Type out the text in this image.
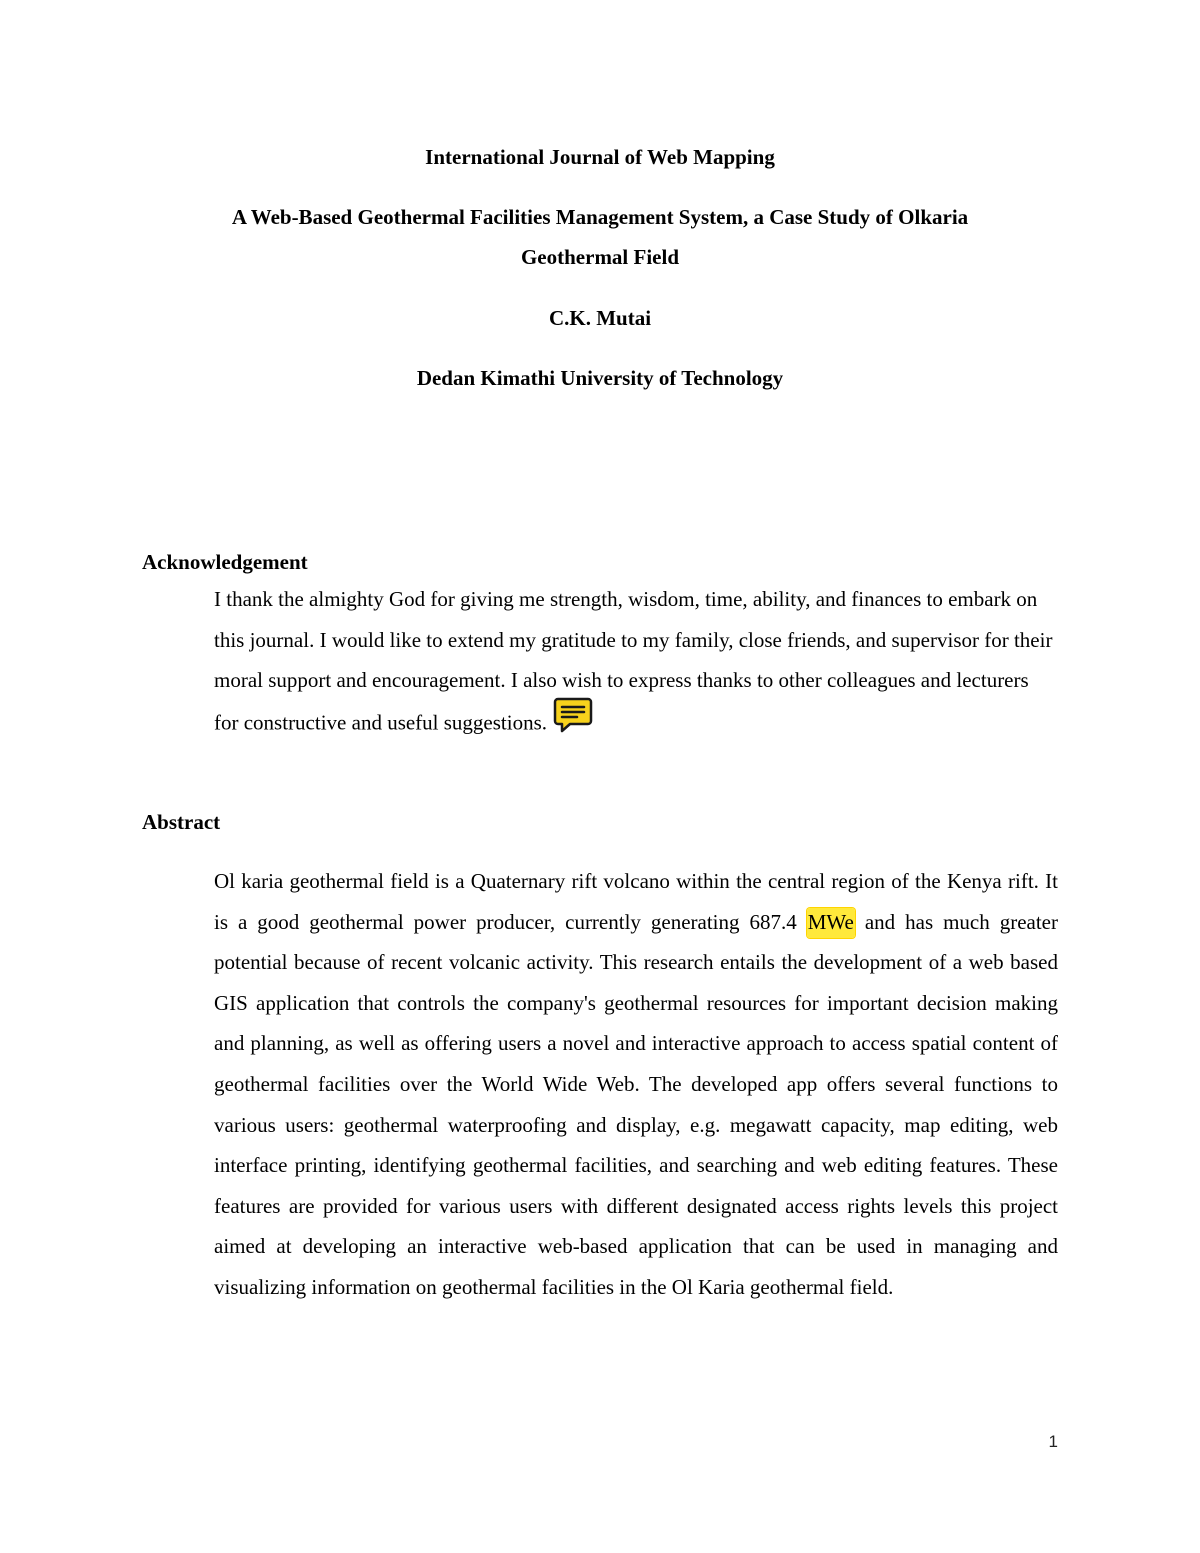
International Journal of Web Mapping
A Web-Based Geothermal Facilities Management System, a Case Study of Olkaria
Geothermal Field
C.K. Mutai
Dedan Kimathi University of Technology
Acknowledgement
I thank the almighty God for giving me strength, wisdom, time, ability, and finances to embark on this journal. I would like to extend my gratitude to my family, close friends, and supervisor for their moral support and encouragement. I also wish to express thanks to other colleagues and lecturers for constructive and useful suggestions.
Abstract
Ol karia geothermal field is a Quaternary rift volcano within the central region of the Kenya rift. It is a good geothermal power producer, currently generating 687.4 MWe and has much greater potential because of recent volcanic activity. This research entails the development of a web based GIS application that controls the company's geothermal resources for important decision making and planning, as well as offering users a novel and interactive approach to access spatial content of geothermal facilities over the World Wide Web. The developed app offers several functions to various users: geothermal waterproofing and display, e.g. megawatt capacity, map editing, web interface printing, identifying geothermal facilities, and searching and web editing features. These features are provided for various users with different designated access rights levels this project aimed at developing an interactive web-based application that can be used in managing and visualizing information on geothermal facilities in the Ol Karia geothermal field.
1
